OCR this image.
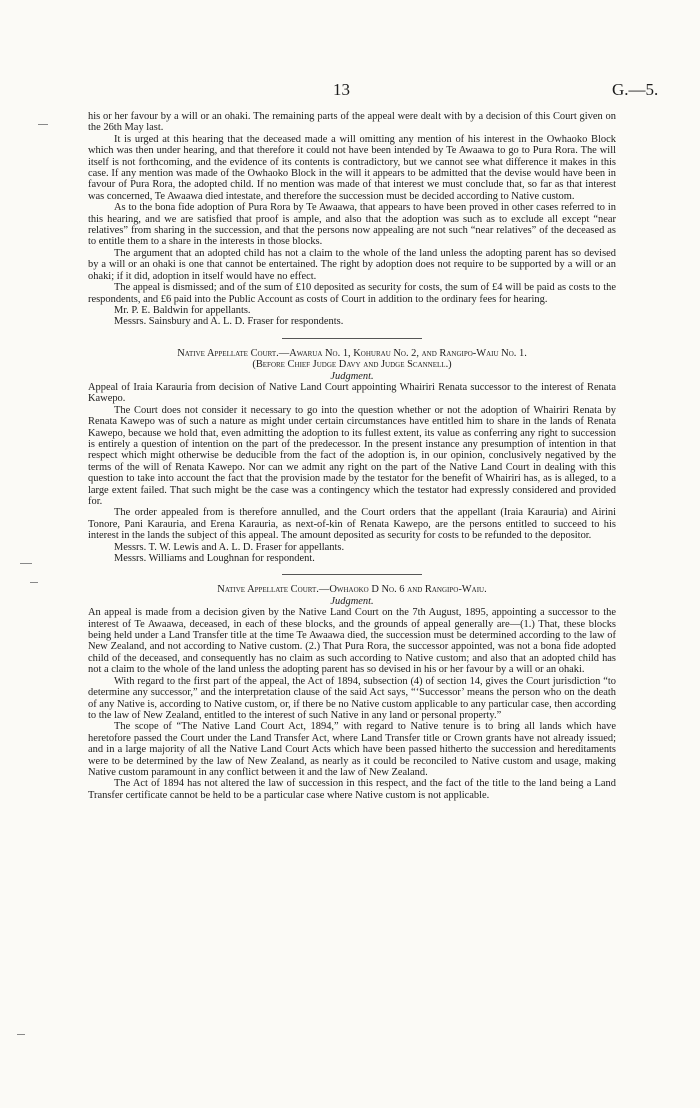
13	G.—5.

his or her favour by a will or an ohaki. The remaining parts of the appeal were dealt with by a decision of this Court given on the 26th May last.

It is urged at this hearing that the deceased made a will omitting any mention of his interest in the Owhaoko Block which was then under hearing, and that therefore it could not have been intended by Te Awaawa to go to Pura Rora. The will itself is not forthcoming, and the evidence of its contents is contradictory, but we cannot see what difference it makes in this case. If any mention was made of the Owhaoko Block in the will it appears to be admitted that the devise would have been in favour of Pura Rora, the adopted child. If no mention was made of that interest we must conclude that, so far as that interest was concerned, Te Awaawa died intestate, and therefore the succession must be decided according to Native custom.

As to the bona fide adoption of Pura Rora by Te Awaawa, that appears to have been proved in other cases referred to in this hearing, and we are satisfied that proof is ample, and also that the adoption was such as to exclude all except “near relatives” from sharing in the succession, and that the persons now appealing are not such “near relatives” of the deceased as to entitle them to a share in the interests in those blocks.

The argument that an adopted child has not a claim to the whole of the land unless the adopting parent has so devised by a will or an ohaki is one that cannot be entertained. The right by adoption does not require to be supported by a will or an ohaki; if it did, adoption in itself would have no effect.

The appeal is dismissed; and of the sum of £10 deposited as security for costs, the sum of £4 will be paid as costs to the respondents, and £6 paid into the Public Account as costs of Court in addition to the ordinary fees for hearing.

Mr. P. E. Baldwin for appellants.

Messrs. Sainsbury and A. L. D. Fraser for respondents.

Native Appellate Court.—Awarua No. 1, Kohurau No. 2, and Rangipo-Waiu No. 1.

(Before Chief Judge Davy and Judge Scannell.)

Judgment.

Appeal of Iraia Karauria from decision of Native Land Court appointing Whairiri Renata successor to the interest of Renata Kawepo.

The Court does not consider it necessary to go into the question whether or not the adoption of Whairiri Renata by Renata Kawepo was of such a nature as might under certain circumstances have entitled him to share in the lands of Renata Kawepo, because we hold that, even admitting the adoption to its fullest extent, its value as conferring any right to succession is entirely a question of intention on the part of the predecessor. In the present instance any presumption of intention in that respect which might otherwise be deducible from the fact of the adoption is, in our opinion, conclusively negatived by the terms of the will of Renata Kawepo. Nor can we admit any right on the part of the Native Land Court in dealing with this question to take into account the fact that the provision made by the testator for the benefit of Whairiri has, as is alleged, to a large extent failed. That such might be the case was a contingency which the testator had expressly considered and provided for.

The order appealed from is therefore annulled, and the Court orders that the appellant (Iraia Karauria) and Airini Tonore, Pani Karauria, and Erena Karauria, as next-of-kin of Renata Kawepo, are the persons entitled to succeed to his interest in the lands the subject of this appeal. The amount deposited as security for costs to be refunded to the depositor.

Messrs. T. W. Lewis and A. L. D. Fraser for appellants.

Messrs. Williams and Loughnan for respondent.

Native Appellate Court.—Owhaoko D No. 6 and Rangipo-Waiu.

Judgment.

An appeal is made from a decision given by the Native Land Court on the 7th August, 1895, appointing a successor to the interest of Te Awaawa, deceased, in each of these blocks, and the grounds of appeal generally are—(1.) That, these blocks being held under a Land Transfer title at the time Te Awaawa died, the succession must be determined according to the law of New Zealand, and not according to Native custom. (2.) That Pura Rora, the successor appointed, was not a bona fide adopted child of the deceased, and consequently has no claim as such according to Native custom; and also that an adopted child has not a claim to the whole of the land unless the adopting parent has so devised in his or her favour by a will or an ohaki.

With regard to the first part of the appeal, the Act of 1894, subsection (4) of section 14, gives the Court jurisdiction “to determine any successor,” and the interpretation clause of the said Act says, “‘Successor’ means the person who on the death of any Native is, according to Native custom, or, if there be no Native custom applicable to any particular case, then according to the law of New Zealand, entitled to the interest of such Native in any land or personal property.”

The scope of “The Native Land Court Act, 1894,” with regard to Native tenure is to bring all lands which have heretofore passed the Court under the Land Transfer Act, where Land Transfer title or Crown grants have not already issued; and in a large majority of all the Native Land Court Acts which have been passed hitherto the succession and hereditaments were to be determined by the law of New Zealand, as nearly as it could be reconciled to Native custom and usage, making Native custom paramount in any conflict between it and the law of New Zealand.

The Act of 1894 has not altered the law of succession in this respect, and the fact of the title to the land being a Land Transfer certificate cannot be held to be a particular case where Native custom is not applicable.
